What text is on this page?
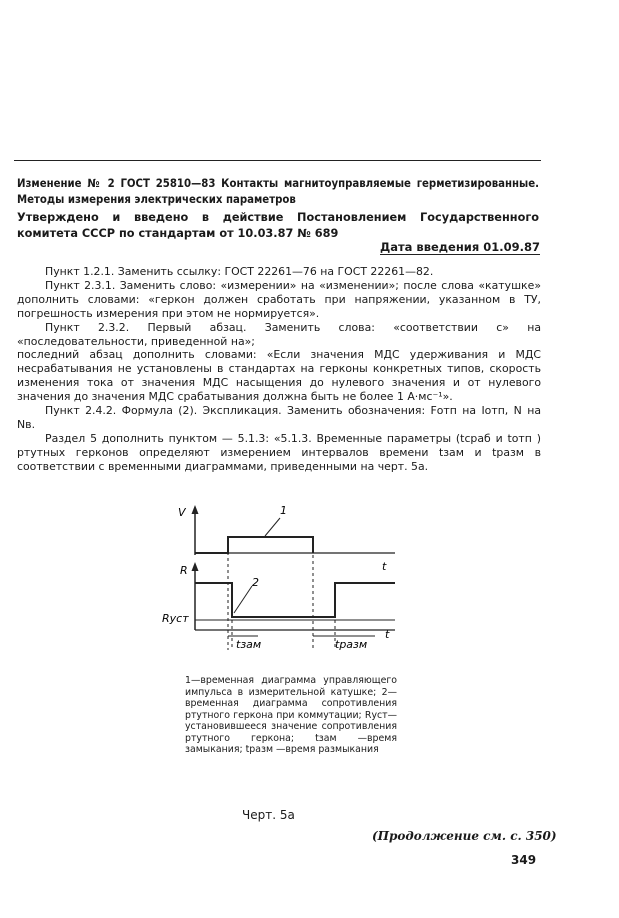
Изменение № 2 ГОСТ 25810—83 Контакты магнитоуправляемые герметизированные. Методы измерения электрических параметров
Утверждено и введено в действие Постановлением Государственного комитета СССР по стандартам от 10.03.87 № 689
Дата введения 01.09.87

Пункт 1.2.1. Заменить ссылку: ГОСТ 22261—76 на ГОСТ 22261—82.

Пункт 2.3.1. Заменить слово: «измерении» на «изменении»; после слова «катушке» дополнить словами: «геркон должен сработать при напряжении, указанном в ТУ, погрешность измерения при этом не нормируется».

Пункт 2.3.2. Первый абзац. Заменить слова: «соответствии с» на «последовательности, приведенной на»;

последний абзац дополнить словами: «Если значения МДС удерживания и МДС несрабатывания не установлены в стандартах на герконы конкретных типов, скорость изменения тока от значения МДС насыщения до нулевого значения и от нулевого значения до значения МДС срабатывания должна быть не более 1 А·мс⁻¹».

Пункт 2.4.2. Формула (2). Экспликация. Заменить обозначения: Fотп на Iотп, N на Nв.

Раздел 5 дополнить пунктом — 5.1.3: «5.1.3. Временные параметры (tсраб и tотп ) ртутных герконов определяют измерением интервалов времени tзам и tразм в соответствии с временными диаграммами, приведенными на черт. 5а.

V
t
1
R
Rуст
2
t
tзам	tразм
1—временная диаграмма управляющего импульса в измерительной катушке; 2—временная диаграмма сопротивления ртутного геркона при коммутации; Rуст—установившееся значение сопротивления ртутного геркона; tзам —время замыкания; tразм —время размыкания
Черт. 5а
(Продолжение см. с. 350)
349
